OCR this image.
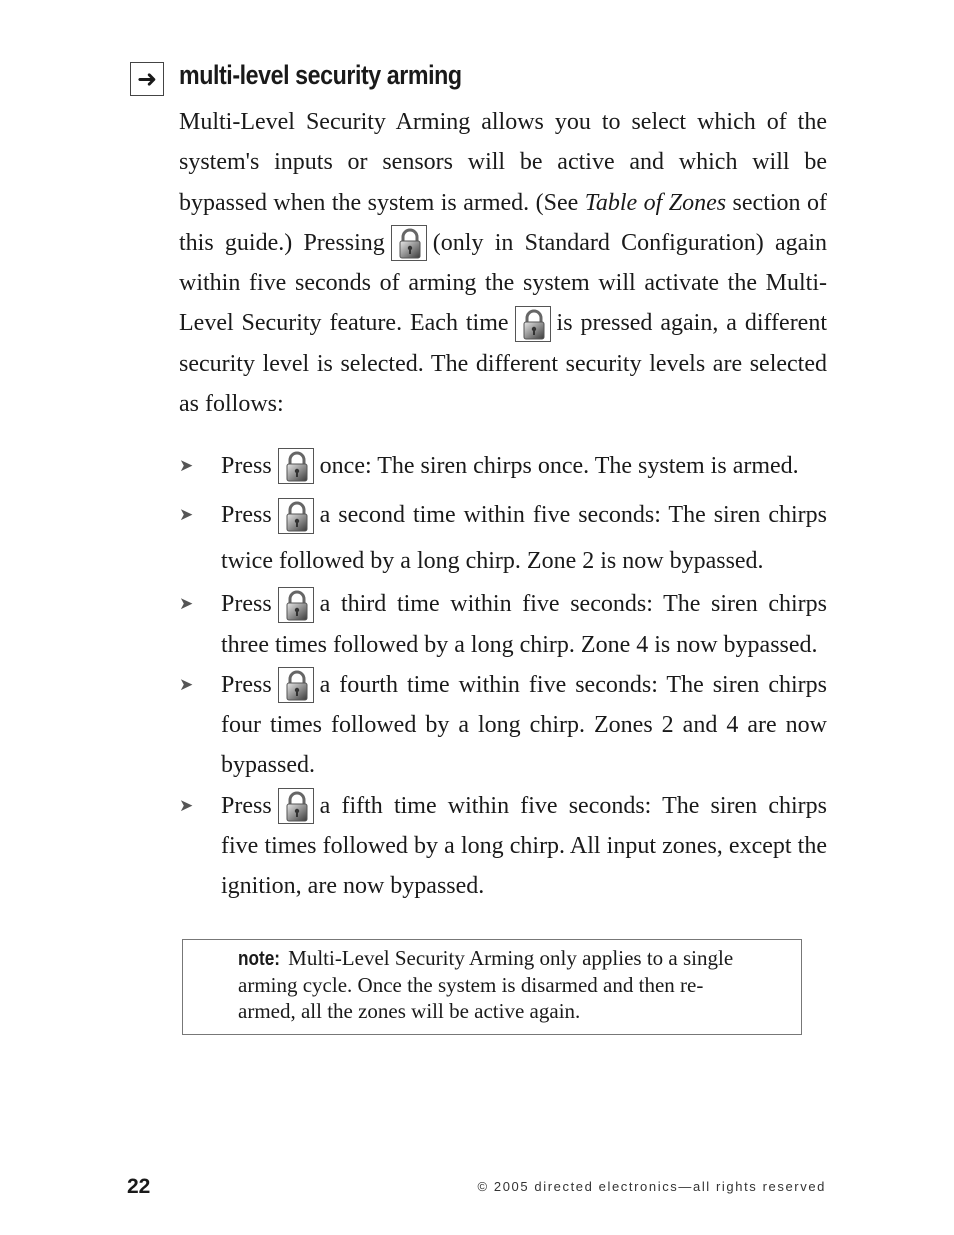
➜ multi-level security arming

Multi-Level Security Arming allows you to select which of the system's inputs or sensors will be active and which will be bypassed when the system is armed. (See Table of Zones section of this guide.) Pressing (only in Standard Configuration) again within five seconds of arming the system will activate the Multi-Level Security feature. Each time is pressed again, a different security level is selected. The different security levels are selected as follows:

➤ Press once: The siren chirps once. The system is armed.
➤ Press a second time within five seconds: The siren chirps twice followed by a long chirp. Zone 2 is now bypassed.
➤ Press a third time within five seconds: The siren chirps three times followed by a long chirp. Zone 4 is now bypassed.
➤ Press a fourth time within five seconds: The siren chirps four times followed by a long chirp. Zones 2 and 4 are now bypassed.
➤ Press a fifth time within five seconds: The siren chirps five times followed by a long chirp. All input zones, except the ignition, are now bypassed.

note: Multi-Level Security Arming only applies to a single arming cycle. Once the system is disarmed and then re-armed, all the zones will be active again.

22	© 2005 directed electronics—all rights reserved
